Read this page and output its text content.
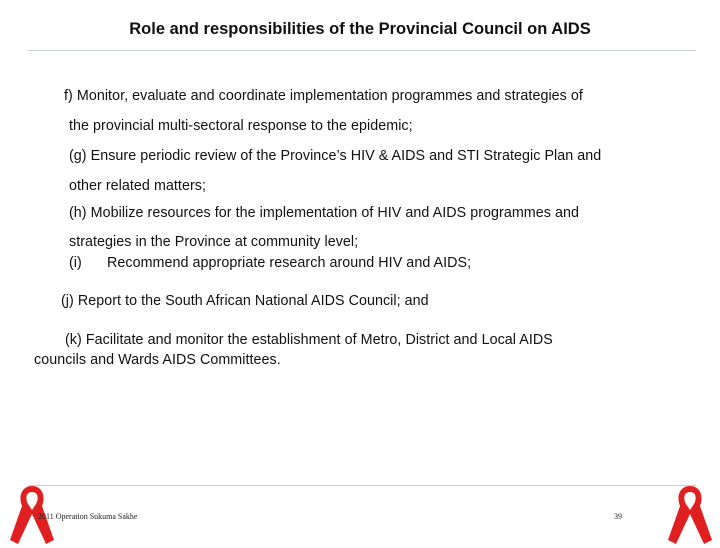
Role and responsibilities of the Provincial Council on AIDS
f) Monitor, evaluate and coordinate implementation programmes and strategies of
the provincial multi-sectoral response to the epidemic;
(g) Ensure periodic review of the Province’s HIV & AIDS and STI Strategic Plan and
other related matters;
(h) Mobilize resources for the implementation of HIV and AIDS programmes and
strategies in the Province at community level;
(i) Recommend appropriate research around HIV and AIDS;
(j) Report to the South African National AIDS Council; and
(k) Facilitate and monitor the establishment of Metro, District and Local AIDS
councils and Wards AIDS Committees.
2011 Operation Sukuma Sakhe	39
